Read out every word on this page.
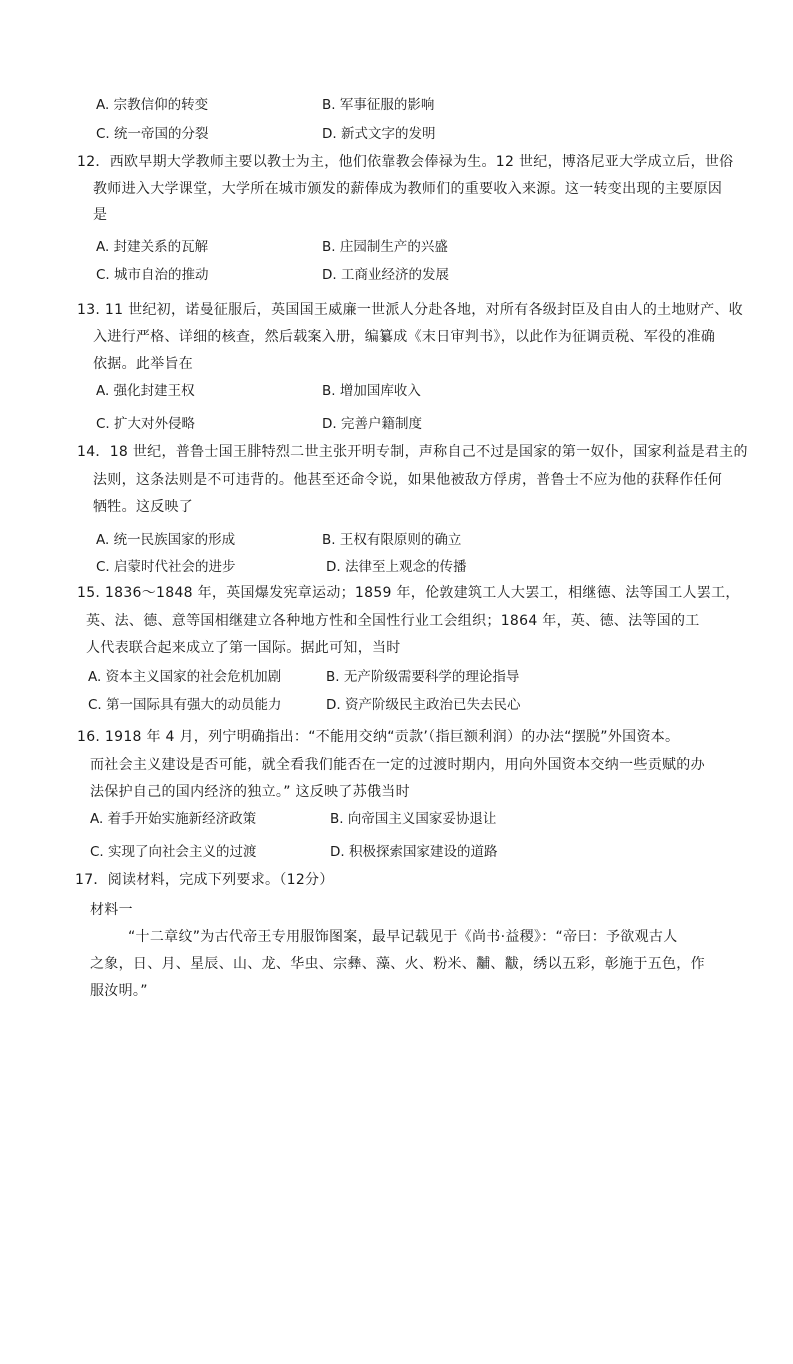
A. 宗教信仰的转变	B. 军事征服的影响
C. 统一帝国的分裂	D. 新式文字的发明
12．西欧早期大学教师主要以教士为主，他们依靠教会俸禄为生。12 世纪，博洛尼亚大学成立后，世俗
教师进入大学课堂，大学所在城市颁发的薪俸成为教师们的重要收入来源。这一转变出现的主要原因
是
A. 封建关系的瓦解	B. 庄园制生产的兴盛
C. 城市自治的推动	D. 工商业经济的发展
13. 11 世纪初，诺曼征服后，英国国王威廉一世派人分赴各地，对所有各级封臣及自由人的土地财产、收
入进行严格、详细的核查，然后载案入册，编纂成《末日审判书》，以此作为征调贡税、军役的准确
依据。此举旨在
A. 强化封建王权	B. 增加国库收入
C. 扩大对外侵略	D. 完善户籍制度
14．18 世纪，普鲁士国王腓特烈二世主张开明专制，声称自己不过是国家的第一奴仆，国家利益是君主的
法则，这条法则是不可违背的。他甚至还命令说，如果他被敌方俘虏，普鲁士不应为他的获释作任何
牺牲。这反映了
A. 统一民族国家的形成	B. 王权有限原则的确立
C. 启蒙时代社会的进步	D. 法律至上观念的传播
15. 1836～1848 年，英国爆发宪章运动；1859 年，伦敦建筑工人大罢工，相继德、法等国工人罢工，
英、法、德、意等国相继建立各种地方性和全国性行业工会组织；1864 年，英、德、法等国的工
人代表联合起来成立了第一国际。据此可知，当时
A. 资本主义国家的社会危机加剧	B. 无产阶级需要科学的理论指导
C. 第一国际具有强大的动员能力	D. 资产阶级民主政治已失去民心
16. 1918 年 4 月，列宁明确指出：“不能用交纳“贡款’（指巨额利润）的办法“摆脱”外国资本。
而社会主义建设是否可能，就全看我们能否在一定的过渡时期内，用向外国资本交纳一些贡赋的办
法保护自己的国内经济的独立。” 这反映了苏俄当时
A. 着手开始实施新经济政策	B. 向帝国主义国家妥协退让
C. 实现了向社会主义的过渡	D. 积极探索国家建设的道路
17．阅读材料，完成下列要求。（12分）
材料一
“十二章纹”为古代帝王专用服饰图案，最早记载见于《尚书·益稷》：“帝曰：予欲观古人
之象，日、月、星辰、山、龙、华虫、宗彝、藻、火、粉米、黼、黻，绣以五彩，彰施于五色，作
服汝明。”
